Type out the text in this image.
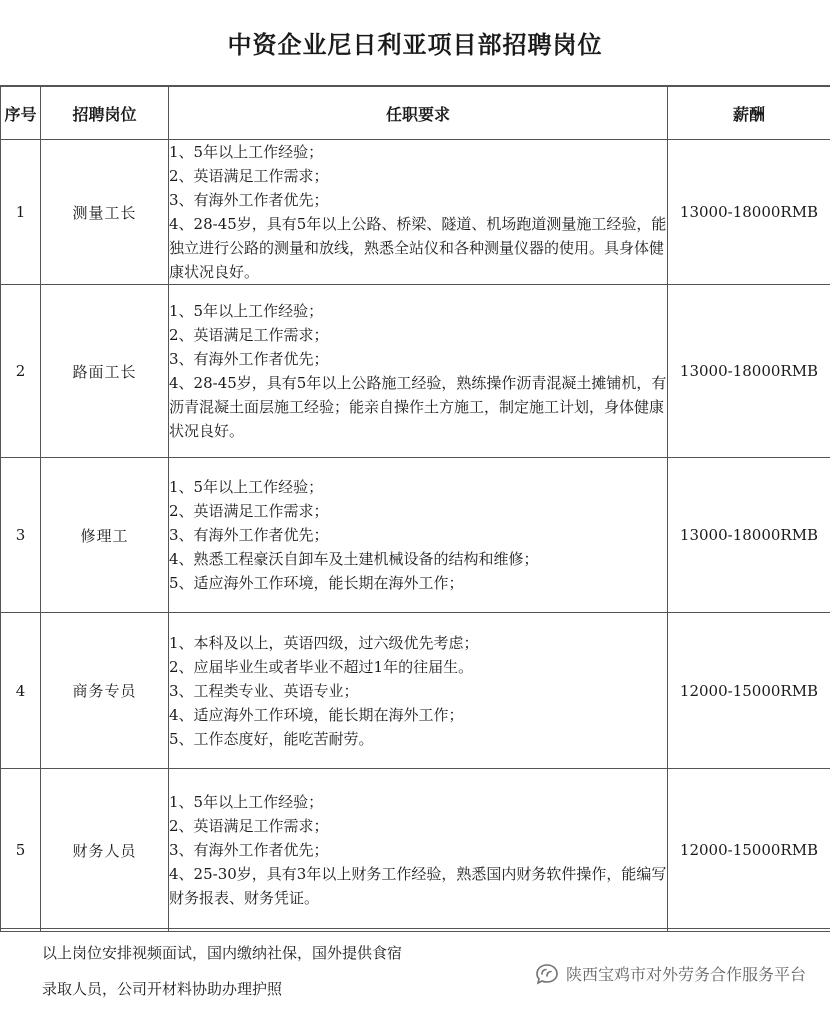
中资企业尼日利亚项目部招聘岗位
序号	招聘岗位	任职要求	薪酬
1	测量工长	1、5年以上工作经验；
2、英语满足工作需求；
3、有海外工作者优先；
4、28-45岁，具有5年以上公路、桥梁、隧道、机场跑道测量施工经验，能独立进行公路的测量和放线，熟悉全站仪和各种测量仪器的使用。具身体健康状况良好。	13000-18000RMB
2	路面工长	1、5年以上工作经验；
2、英语满足工作需求；
3、有海外工作者优先；
4、28-45岁，具有5年以上公路施工经验，熟练操作沥青混凝土摊铺机，有沥青混凝土面层施工经验；能亲自操作土方施工，制定施工计划，身体健康状况良好。	13000-18000RMB
3	修理工	1、5年以上工作经验；
2、英语满足工作需求；
3、有海外工作者优先；
4、熟悉工程豪沃自卸车及土建机械设备的结构和维修；
5、适应海外工作环境，能长期在海外工作；	13000-18000RMB
4	商务专员	1、本科及以上，英语四级，过六级优先考虑；
2、应届毕业生或者毕业不超过1年的往届生。
3、工程类专业、英语专业；
4、适应海外工作环境，能长期在海外工作；
5、工作态度好，能吃苦耐劳。	12000-15000RMB
5	财务人员	1、5年以上工作经验；
2、英语满足工作需求；
3、有海外工作者优先；
4、25-30岁，具有3年以上财务工作经验，熟悉国内财务软件操作，能编写财务报表、财务凭证。	12000-15000RMB
以上岗位安排视频面试，国内缴纳社保，国外提供食宿
录取人员，公司开材料协助办理护照
陕西宝鸡市对外劳务合作服务平台
